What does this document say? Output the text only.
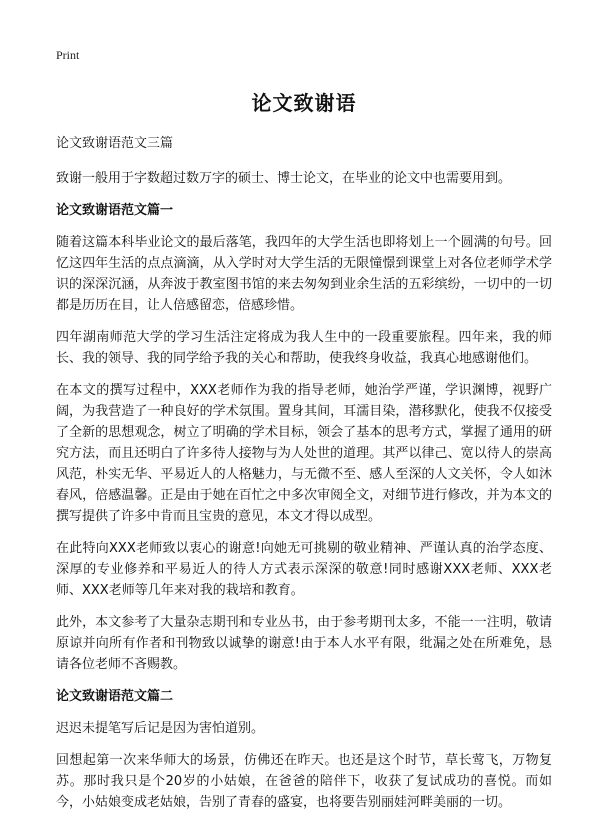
Print
论文致谢语
论文致谢语范文三篇

致谢一般用于字数超过数万字的硕士、博士论文，在毕业的论文中也需要用到。

论文致谢语范文篇一

随着这篇本科毕业论文的最后落笔，我四年的大学生活也即将划上一个圆满的句号。回忆这四年生活的点点滴滴，从入学时对大学生活的无限憧憬到课堂上对各位老师学术学识的深深沉涵，从奔波于教室图书馆的来去匆匆到业余生活的五彩缤纷，一切中的一切都是历历在目，让人倍感留恋，倍感珍惜。

四年湖南师范大学的学习生活注定将成为我人生中的一段重要旅程。四年来，我的师长、我的领导、我的同学给予我的关心和帮助，使我终身收益，我真心地感谢他们。

在本文的撰写过程中，XXX老师作为我的指导老师，她治学严谨，学识渊博，视野广阔，为我营造了一种良好的学术氛围。置身其间，耳濡目染，潜移默化，使我不仅接受了全新的思想观念，树立了明确的学术目标，领会了基本的思考方式，掌握了通用的研究方法，而且还明白了许多待人接物与为人处世的道理。其严以律己、宽以待人的崇高风范，朴实无华、平易近人的人格魅力，与无微不至、感人至深的人文关怀，令人如沐春风，倍感温馨。正是由于她在百忙之中多次审阅全文，对细节进行修改，并为本文的撰写提供了许多中肯而且宝贵的意见，本文才得以成型。

在此特向XXX老师致以衷心的谢意!向她无可挑剔的敬业精神、严谨认真的治学态度、深厚的专业修养和平易近人的待人方式表示深深的敬意!同时感谢XXX老师、XXX老师、XXX老师等几年来对我的栽培和教育。

此外，本文参考了大量杂志期刊和专业丛书，由于参考期刊太多，不能一一注明，敬请原谅并向所有作者和刊物致以诚挚的谢意!由于本人水平有限，纰漏之处在所难免，恳请各位老师不吝赐教。

论文致谢语范文篇二

迟迟未提笔写后记是因为害怕道别。

回想起第一次来华师大的场景，仿佛还在昨天。也还是这个时节，草长莺飞，万物复苏。那时我只是个20岁的小姑娘，在爸爸的陪伴下，收获了复试成功的喜悦。而如今，小姑娘变成老姑娘，告别了青春的盛宴，也将要告别丽娃河畔美丽的一切。
